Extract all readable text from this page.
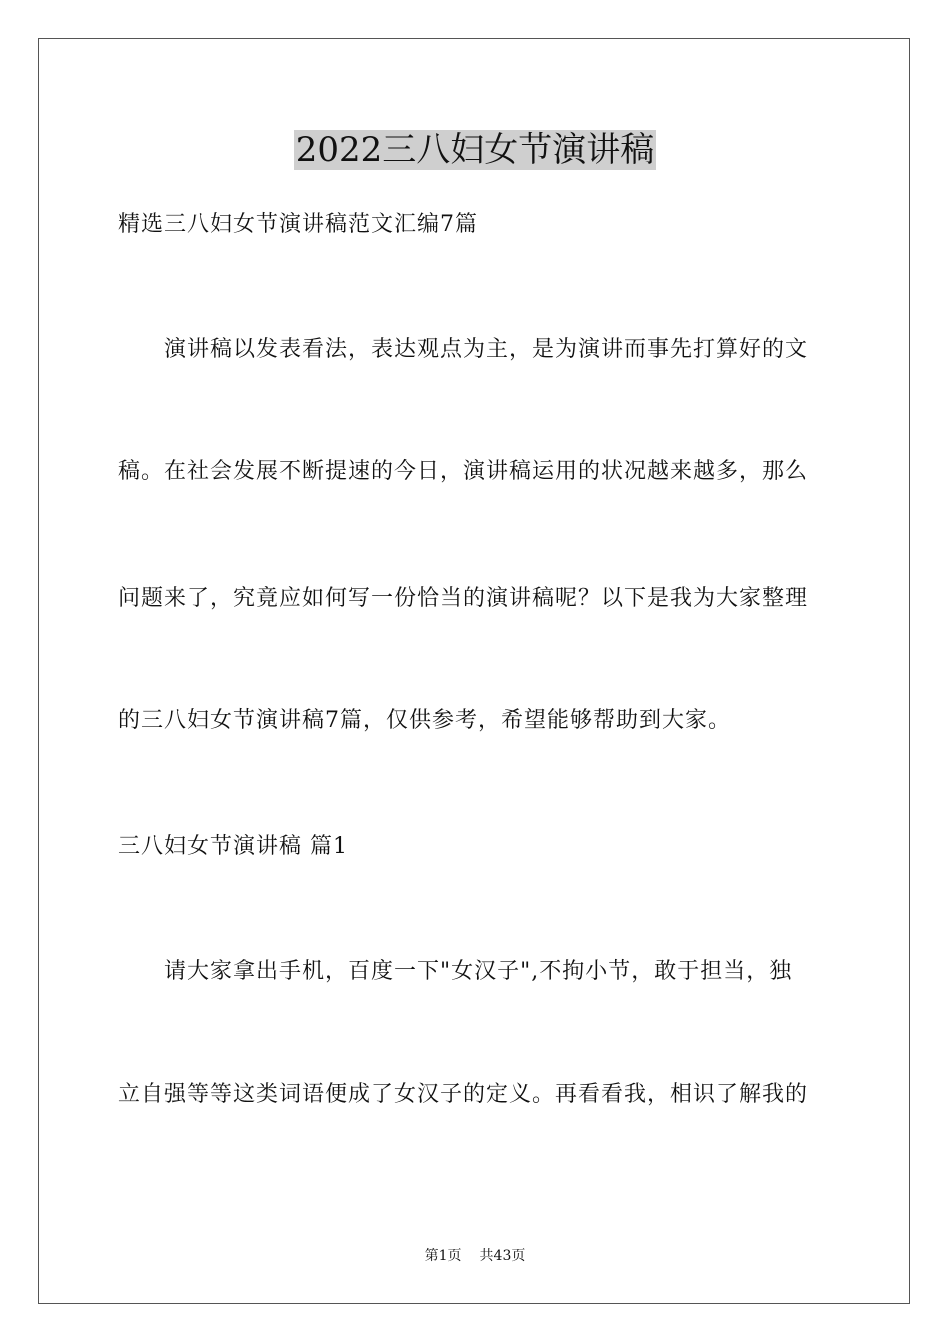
2022三八妇女节演讲稿
精选三八妇女节演讲稿范文汇编7篇
演讲稿以发表看法，表达观点为主，是为演讲而事先打算好的文
稿。在社会发展不断提速的今日，演讲稿运用的状况越来越多，那么
问题来了，究竟应如何写一份恰当的演讲稿呢？以下是我为大家整理
的三八妇女节演讲稿7篇，仅供参考，希望能够帮助到大家。
三八妇女节演讲稿 篇1
请大家拿出手机，百度一下"女汉子",不拘小节，敢于担当，独
立自强等等这类词语便成了女汉子的定义。再看看我，相识了解我的
第1页 共43页
